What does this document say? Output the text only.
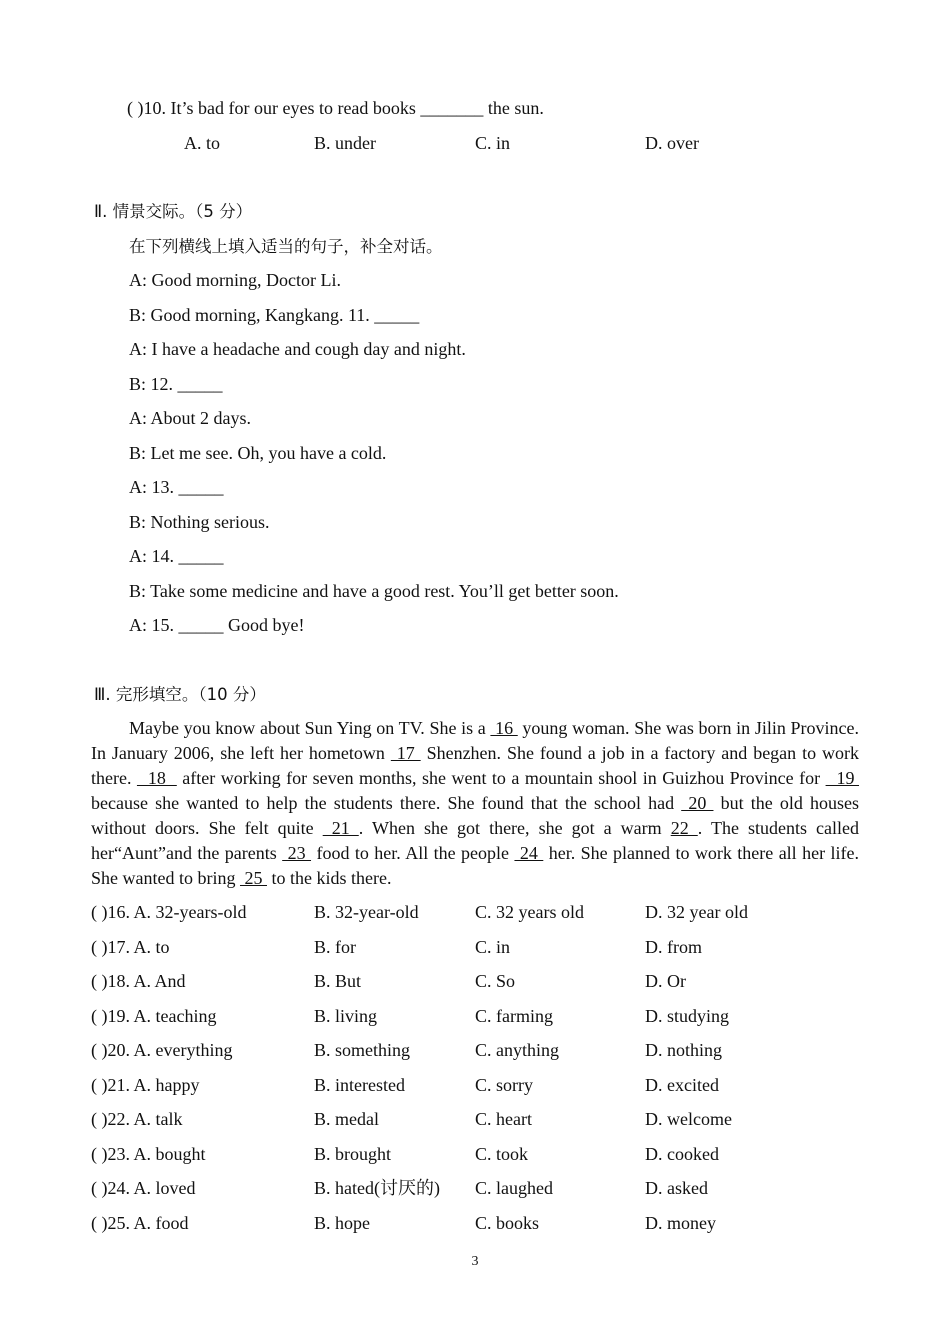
( )10. It’s bad for our eyes to read books _______ the sun.
A. to	B. under	C. in	D. over
Ⅱ. 情景交际。（5 分）
在下列横线上填入适当的句子，补全对话。
A: Good morning, Doctor Li.
B: Good morning, Kangkang. 11. _____
A: I have a headache and cough day and night.
B: 12. _____
A: About 2 days.
B: Let me see. Oh, you have a cold.
A: 13. _____
B: Nothing serious.
A: 14. _____
B: Take some medicine and have a good rest. You’ll get better soon.
A: 15. _____ Good bye!
Ⅲ. 完形填空。（10 分）
Maybe you know about Sun Ying on TV. She is a  16  young woman. She was born in Jilin Province. In January 2006, she left her hometown  17  Shenzhen. She found a job in a factory and began to work there.   18   after working for seven months, she went to a mountain shool in Guizhou Province for   19  because she wanted to help the students there. She found that the school had  20  but the old houses without doors. She felt quite  21 . When she got there, she got a warm 22 . The students called her“Aunt”and the parents  23  food to her. All the people  24  her. She planned to work there all her life. She wanted to bring  25  to the kids there.
( )16. A. 32-years-old	B. 32-year-old	C. 32 years old	D. 32 year old
( )17. A. to	B. for	C. in	D. from
( )18. A. And	B. But	C. So	D. Or
( )19. A. teaching	B. living	C. farming	D. studying
( )20. A. everything	B. something	C. anything	D. nothing
( )21. A. happy	B. interested	C. sorry	D. excited
( )22. A. talk	B. medal	C. heart	D. welcome
( )23. A. bought	B. brought	C. took	D. cooked
( )24. A. loved	B. hated(讨厌的) C. laughed	D. asked
( )25. A. food	B. hope	C. books	D. money
3
